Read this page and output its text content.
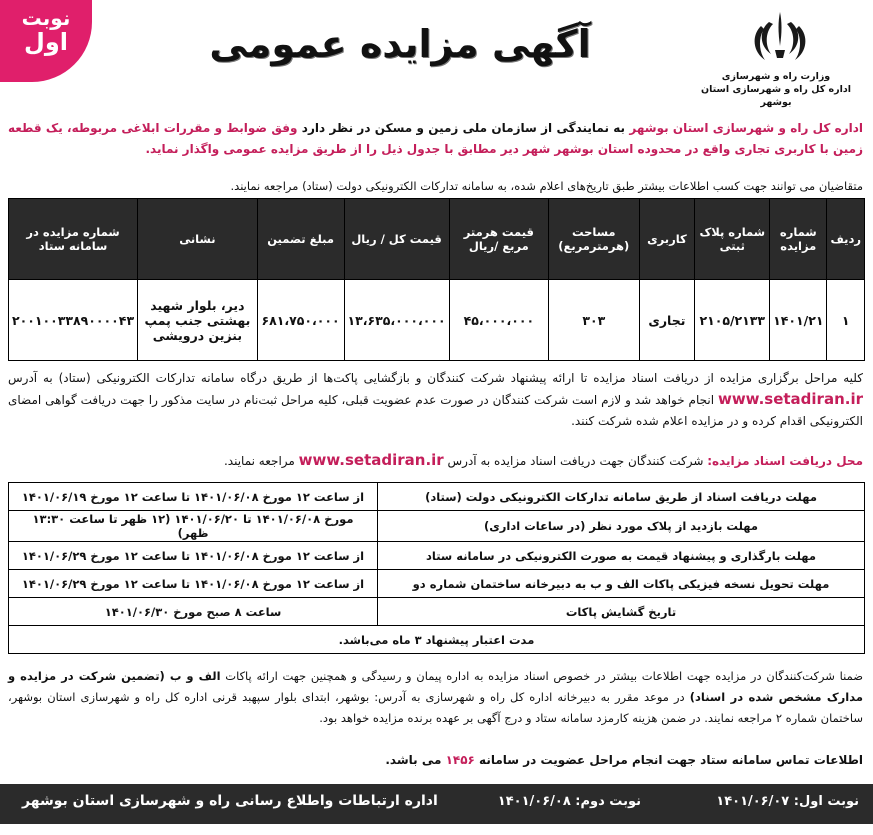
وزارت راه و شهرسازی
اداره کل راه و شهرسازی استان بوشهر
آگهی مزایده عمومی
نوبت
اول
اداره کل راه و شهرسازی استان بوشهر به نمایندگی از سازمان ملی زمین و مسکن در نظر دارد وفق ضوابط و مقررات ابلاغی مربوطه، یک قطعه زمین با کاربری تجاری واقع در محدوده استان بوشهر شهر دیر مطابق با جدول ذیل را از طریق مزایده عمومی واگذار نماید.
متقاضیان می توانند جهت کسب اطلاعات بیشتر طبق تاریخ‌های اعلام شده، به سامانه تدارکات الکترونیکی دولت (ستاد) مراجعه نمایند.
ردیف	شماره مزایده	شماره پلاک ثبتی	کاربری	مساحت (هرمترمربع)	قیمت هرمتر مربع /ریال	قیمت کل / ریال	مبلغ تضمین	نشانی	شماره مزایده در سامانه ستاد
۱	۱۴۰۱/۲۱	۲۱۰۵/۲۱۳۳	تجاری	۳۰۳	۴۵،۰۰۰،۰۰۰	۱۳،۶۳۵،۰۰۰،۰۰۰	۶۸۱،۷۵۰،۰۰۰	دیر، بلوار شهید بهشتی جنب پمپ بنزین درویشی	۲۰۰۱۰۰۳۳۸۹۰۰۰۰۴۳
کلیه مراحل برگزاری مزایده از دریافت اسناد مزایده تا ارائه پیشنهاد شرکت کنندگان و بازگشایی پاکت‌ها از طریق درگاه سامانه تدارکات الکترونیکی (ستاد) به آدرس www.setadiran.ir انجام خواهد شد و لازم است شرکت کنندگان در صورت عدم عضویت قبلی، کلیه مراحل ثبت‌نام در سایت مذکور را جهت دریافت گواهی امضای الکترونیکی اقدام کرده و در مزایده اعلام شده شرکت کنند.
محل دریافت اسناد مزایده: شرکت کنندگان جهت دریافت اسناد مزایده به آدرس www.setadiran.ir مراجعه نمایند.
مهلت دریافت اسناد از طریق سامانه تدارکات الکترونیکی دولت (ستاد)	از ساعت ۱۲ مورخ ۱۴۰۱/۰۶/۰۸ تا ساعت ۱۲ مورخ ۱۴۰۱/۰۶/۱۹
مهلت بازدید از پلاک مورد نظر (در ساعات اداری)	مورخ ۱۴۰۱/۰۶/۰۸ تا ۱۴۰۱/۰۶/۲۰ (۱۲ ظهر تا ساعت ۱۳:۳۰ ظهر)
مهلت بارگذاری و پیشنهاد قیمت به صورت الکترونیکی در سامانه ستاد	از ساعت ۱۲ مورخ ۱۴۰۱/۰۶/۰۸ تا ساعت ۱۲ مورخ ۱۴۰۱/۰۶/۲۹
مهلت تحویل نسخه فیزیکی پاکات الف و ب به دبیرخانه ساختمان شماره دو	از ساعت ۱۲ مورخ ۱۴۰۱/۰۶/۰۸ تا ساعت ۱۲ مورخ ۱۴۰۱/۰۶/۲۹
تاریخ گشایش پاکات	ساعت ۸ صبح مورخ ۱۴۰۱/۰۶/۳۰
مدت اعتبار پیشنهاد ۳ ماه می‌باشد.	
ضمنا شرکت‌کنندگان در مزایده جهت اطلاعات بیشتر در خصوص اسناد مزایده به اداره پیمان و رسیدگی و همچنین جهت ارائه پاکات الف و ب (تضمین شرکت در مزایده و مدارک مشخص شده در اسناد) در موعد مقرر به دبیرخانه اداره کل راه و شهرسازی به آدرس: بوشهر، ابتدای بلوار سپهبد قرنی اداره کل راه و شهرسازی استان بوشهر، ساختمان شماره ۲ مراجعه نمایند. در ضمن هزینه کارمزد سامانه ستاد و درج آگهی بر عهده برنده مزایده خواهد بود.
اطلاعات تماس سامانه ستاد جهت انجام مراحل عضویت در سامانه ۱۴۵۶ می باشد.
نوبت اول: ۱۴۰۱/۰۶/۰۷
نوبت دوم: ۱۴۰۱/۰۶/۰۸
اداره ارتباطات واطلاع رسانی راه و شهرسازی استان بوشهر
